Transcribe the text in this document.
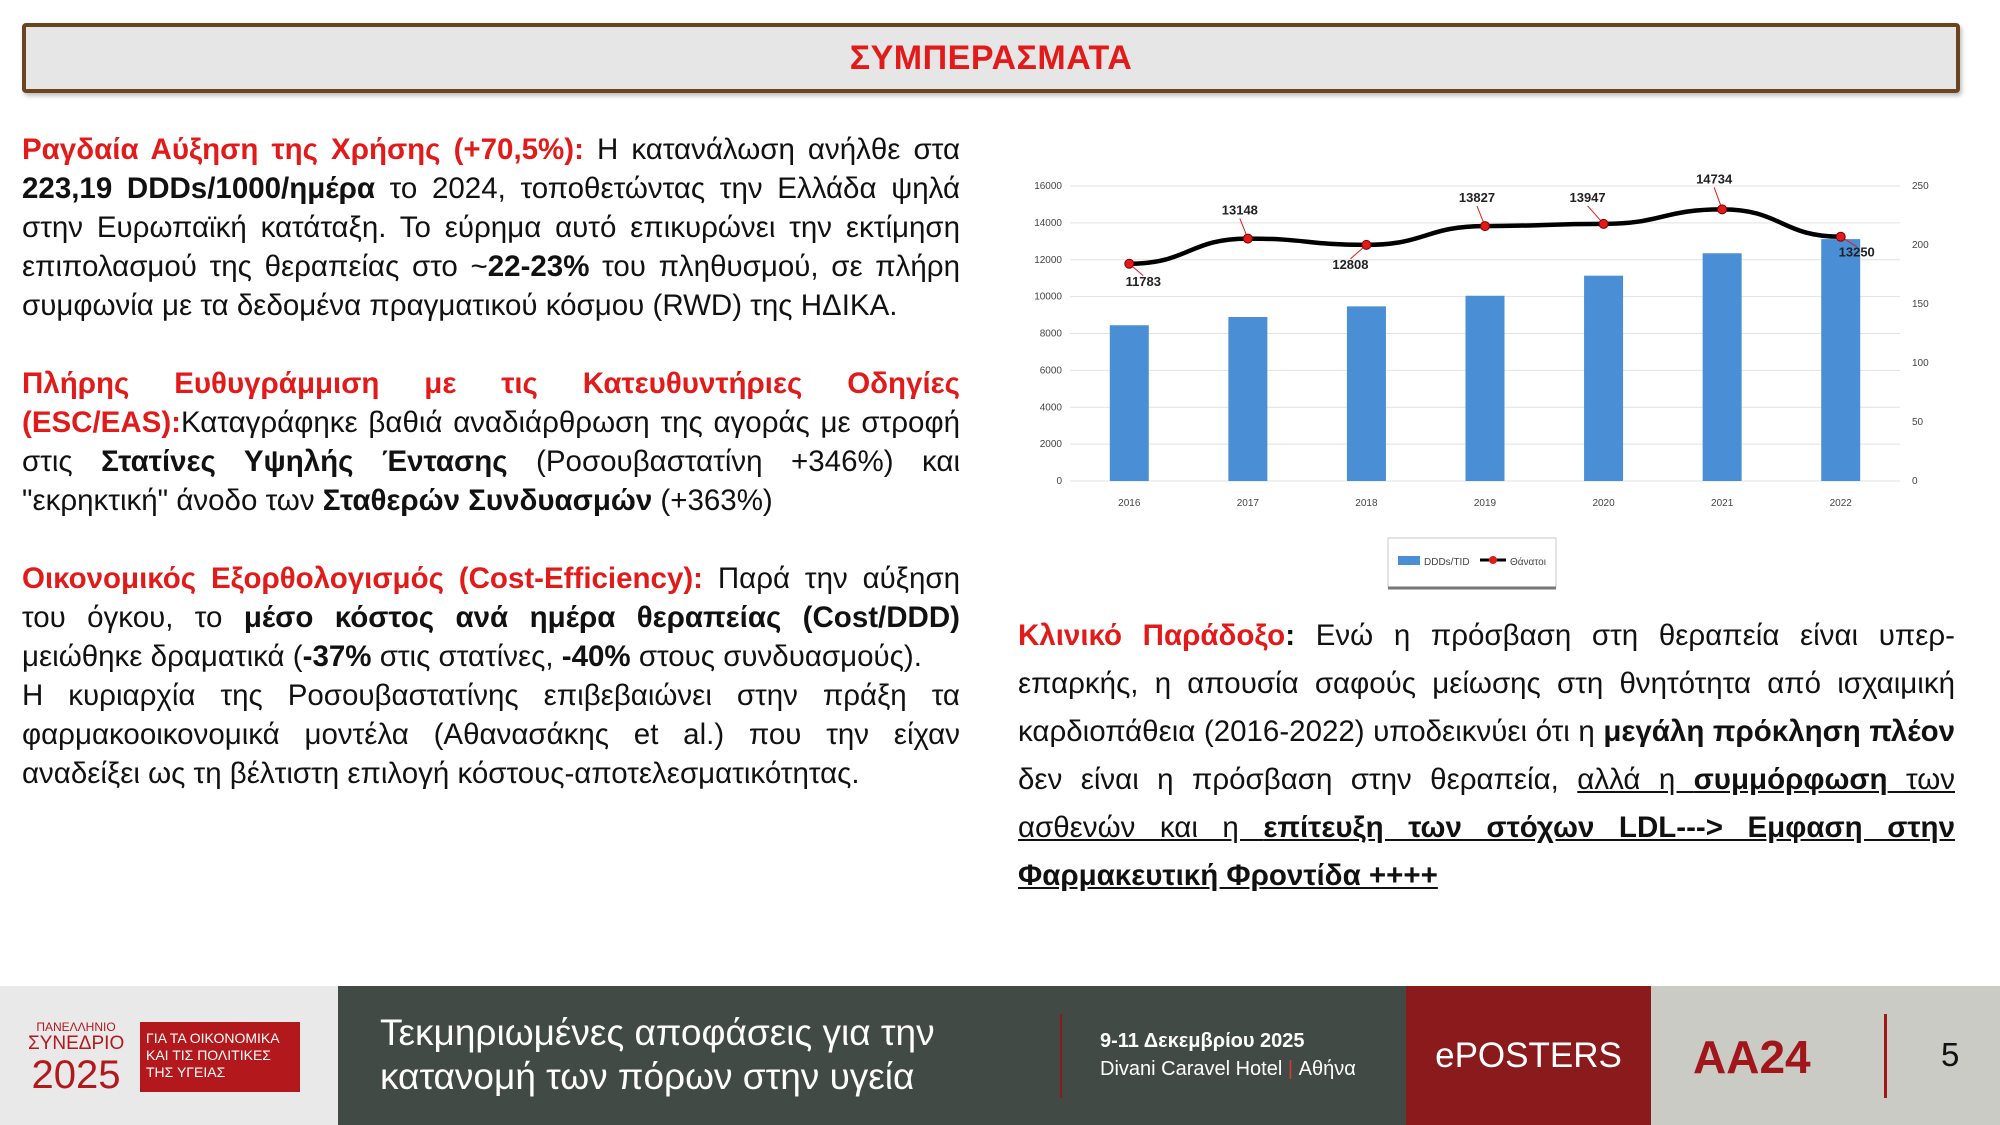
ΣΥΜΠΕΡΑΣΜΑΤΑ

Ραγδαία Αύξηση της Χρήσης (+70,5%): Η κατανάλωση ανήλθε στα 223,19 DDDs/1000/ημέρα το 2024, τοποθετώντας την Ελλάδα ψηλά στην Ευρωπαϊκή κατάταξη. Το εύρημα αυτό επικυρώνει την εκτίμηση επιπολασμού της θεραπείας στο ~22-23% του πληθυσμού, σε πλήρη συμφωνία με τα δεδομένα πραγματικού κόσμου (RWD) της ΗΔΙΚΑ.

Πλήρης Ευθυγράμμιση με τις Κατευθυντήριες Οδηγίες (ESC/EAS):Καταγράφηκε βαθιά αναδιάρθρωση της αγοράς με στροφή στις Στατίνες Υψηλής Έντασης (Ροσουβαστατίνη +346%) και "εκρηκτική" άνοδο των Σταθερών Συνδυασμών (+363%)

Οικονομικός Εξορθολογισμός (Cost-Efficiency): Παρά την αύξηση του όγκου, το μέσο κόστος ανά ημέρα θεραπείας (Cost/DDD) μειώθηκε δραματικά (-37% στις στατίνες, -40% στους συνδυασμούς).
Η κυριαρχία της Ροσουβαστατίνης επιβεβαιώνει στην πράξη τα φαρμακοοικονομικά μοντέλα (Αθανασάκης et al.) που την είχαν αναδείξει ως τη βέλτιστη επιλογή κόστους-αποτελεσματικότητας.

0
2000
4000
6000
8000
10000
12000
14000
16000
0
50
100
150
200
250
2016	2017	2018	2019	2020	2021	2022
11783
13148
12808
13827	13947
14734
13250
DDDs/TID	Θάνατοι
Κλινικό Παράδοξο: Ενώ η πρόσβαση στη θεραπεία είναι υπερ-επαρκής, η απουσία σαφούς μείωσης στη θνητότητα από ισχαιμική καρδιοπάθεια (2016-2022) υποδεικνύει ότι η μεγάλη πρόκληση πλέον δεν είναι η πρόσβαση στην θεραπεία, αλλά η συμμόρφωση των ασθενών και η επίτευξη των στόχων LDL---> Εμφαση στην Φαρμακευτική Φροντίδα ++++
ΠΑΝΕΛΛΗΝΙΟ
ΣΥΝΕΔΡΙΟ
2025
ΓΙΑ ΤΑ ΟΙΚΟΝΟΜΙΚΑ
ΚΑΙ ΤΙΣ ΠΟΛΙΤΙΚΕΣ
ΤΗΣ ΥΓΕΙΑΣ
Τεκμηριωμένες αποφάσεις για την
κατανομή των πόρων στην υγεία
9-11 Δεκεμβρίου 2025
Divani Caravel Hotel | Αθήνα	ePOSTERS	AA24	5
